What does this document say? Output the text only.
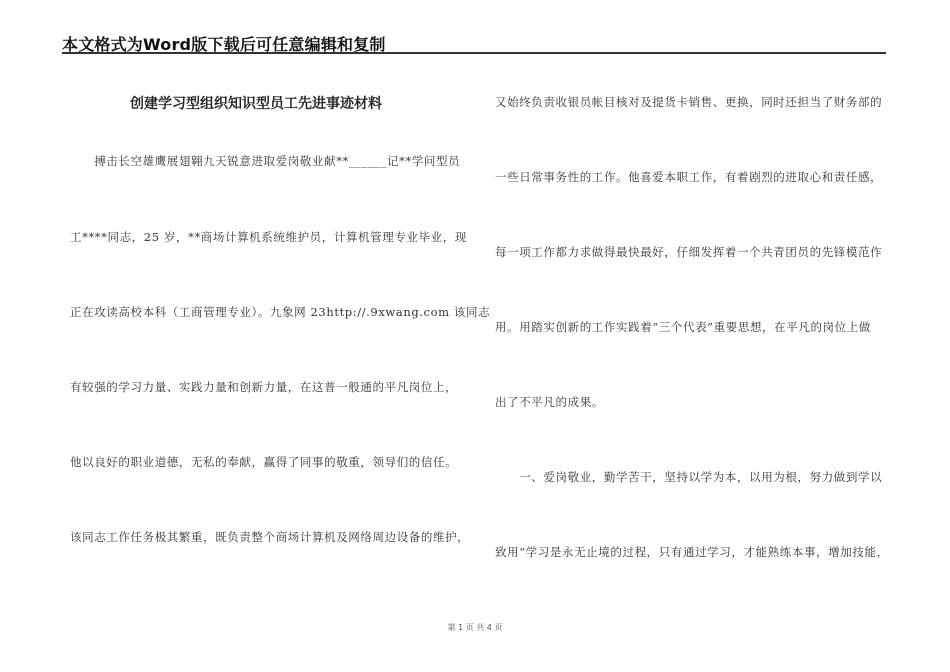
本文格式为Word版下载后可任意编辑和复制
创建学习型组织知识型员工先进事迹材料
　　搏击长空雄鹰展翅翱九天锐意进取爱岗敬业献**______记**学问型员
工****同志，25 岁，**商场计算机系统维护员，计算机管理专业毕业，现
正在攻读高校本科（工商管理专业）。九象网 23http://.9xwang.com 该同志
有较强的学习力量、实践力量和创新力量，在这普一般通的平凡岗位上，
他以良好的职业道德，无私的奉献，赢得了同事的敬重，领导们的信任。
该同志工作任务极其繁重，既负责整个商场计算机及网络周边设备的维护，
又始终负责收银员帐目核对及提货卡销售、更换，同时还担当了财务部的
一些日常事务性的工作。他喜爱本职工作，有着剧烈的进取心和责任感，
每一项工作都力求做得最快最好，仔细发挥着一个共青团员的先锋模范作
用。用踏实创新的工作实践着“三个代表”重要思想，在平凡的岗位上做
出了不平凡的成果。
　　一、爱岗敬业，勤学苦干，坚持以学为本，以用为根，努力做到学以
致用“学习是永无止境的过程，只有通过学习，才能熟练本事，增加技能，
第 1 页 共 4 页
